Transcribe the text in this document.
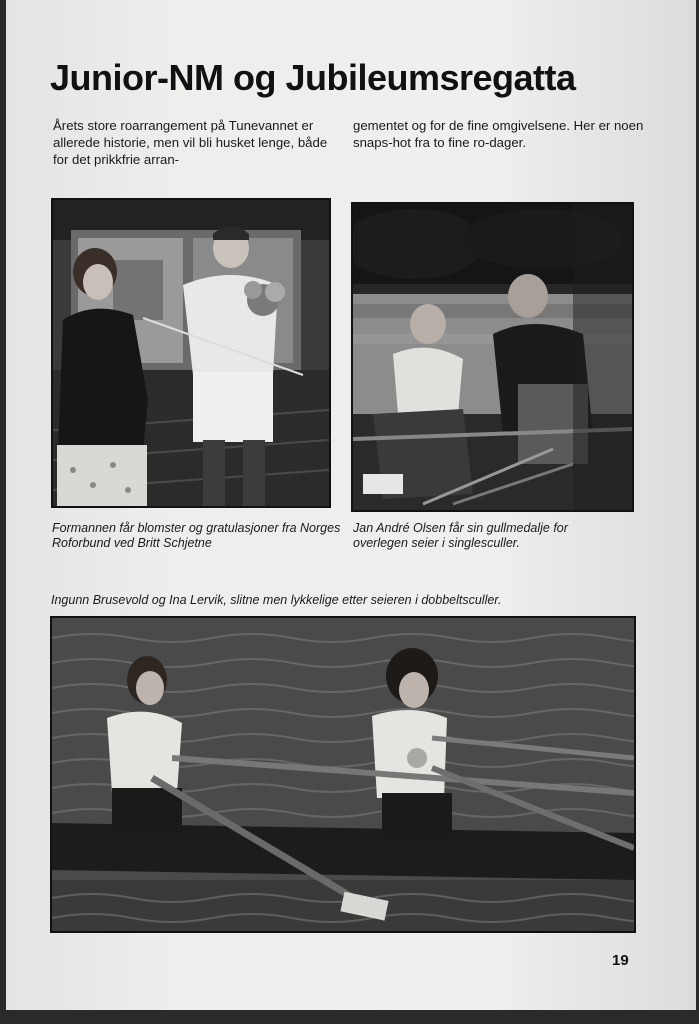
Junior-NM og Jubileumsregatta

Årets store roarrangement på Tunevannet er allerede historie, men vil bli husket lenge, både for det prikkfrie arran-

gementet og for de fine omgivelsene. Her er noen snaps-hot fra to fine ro-dager.

Formannen får blomster og gratulasjoner fra Norges Roforbund ved Britt Schjetne

Jan André Olsen får sin gullmedalje for overlegen seier i singlesculler.

Ingunn Brusevold og Ina Lervik, slitne men lykkelige etter seieren i dobbeltsculler.

19
